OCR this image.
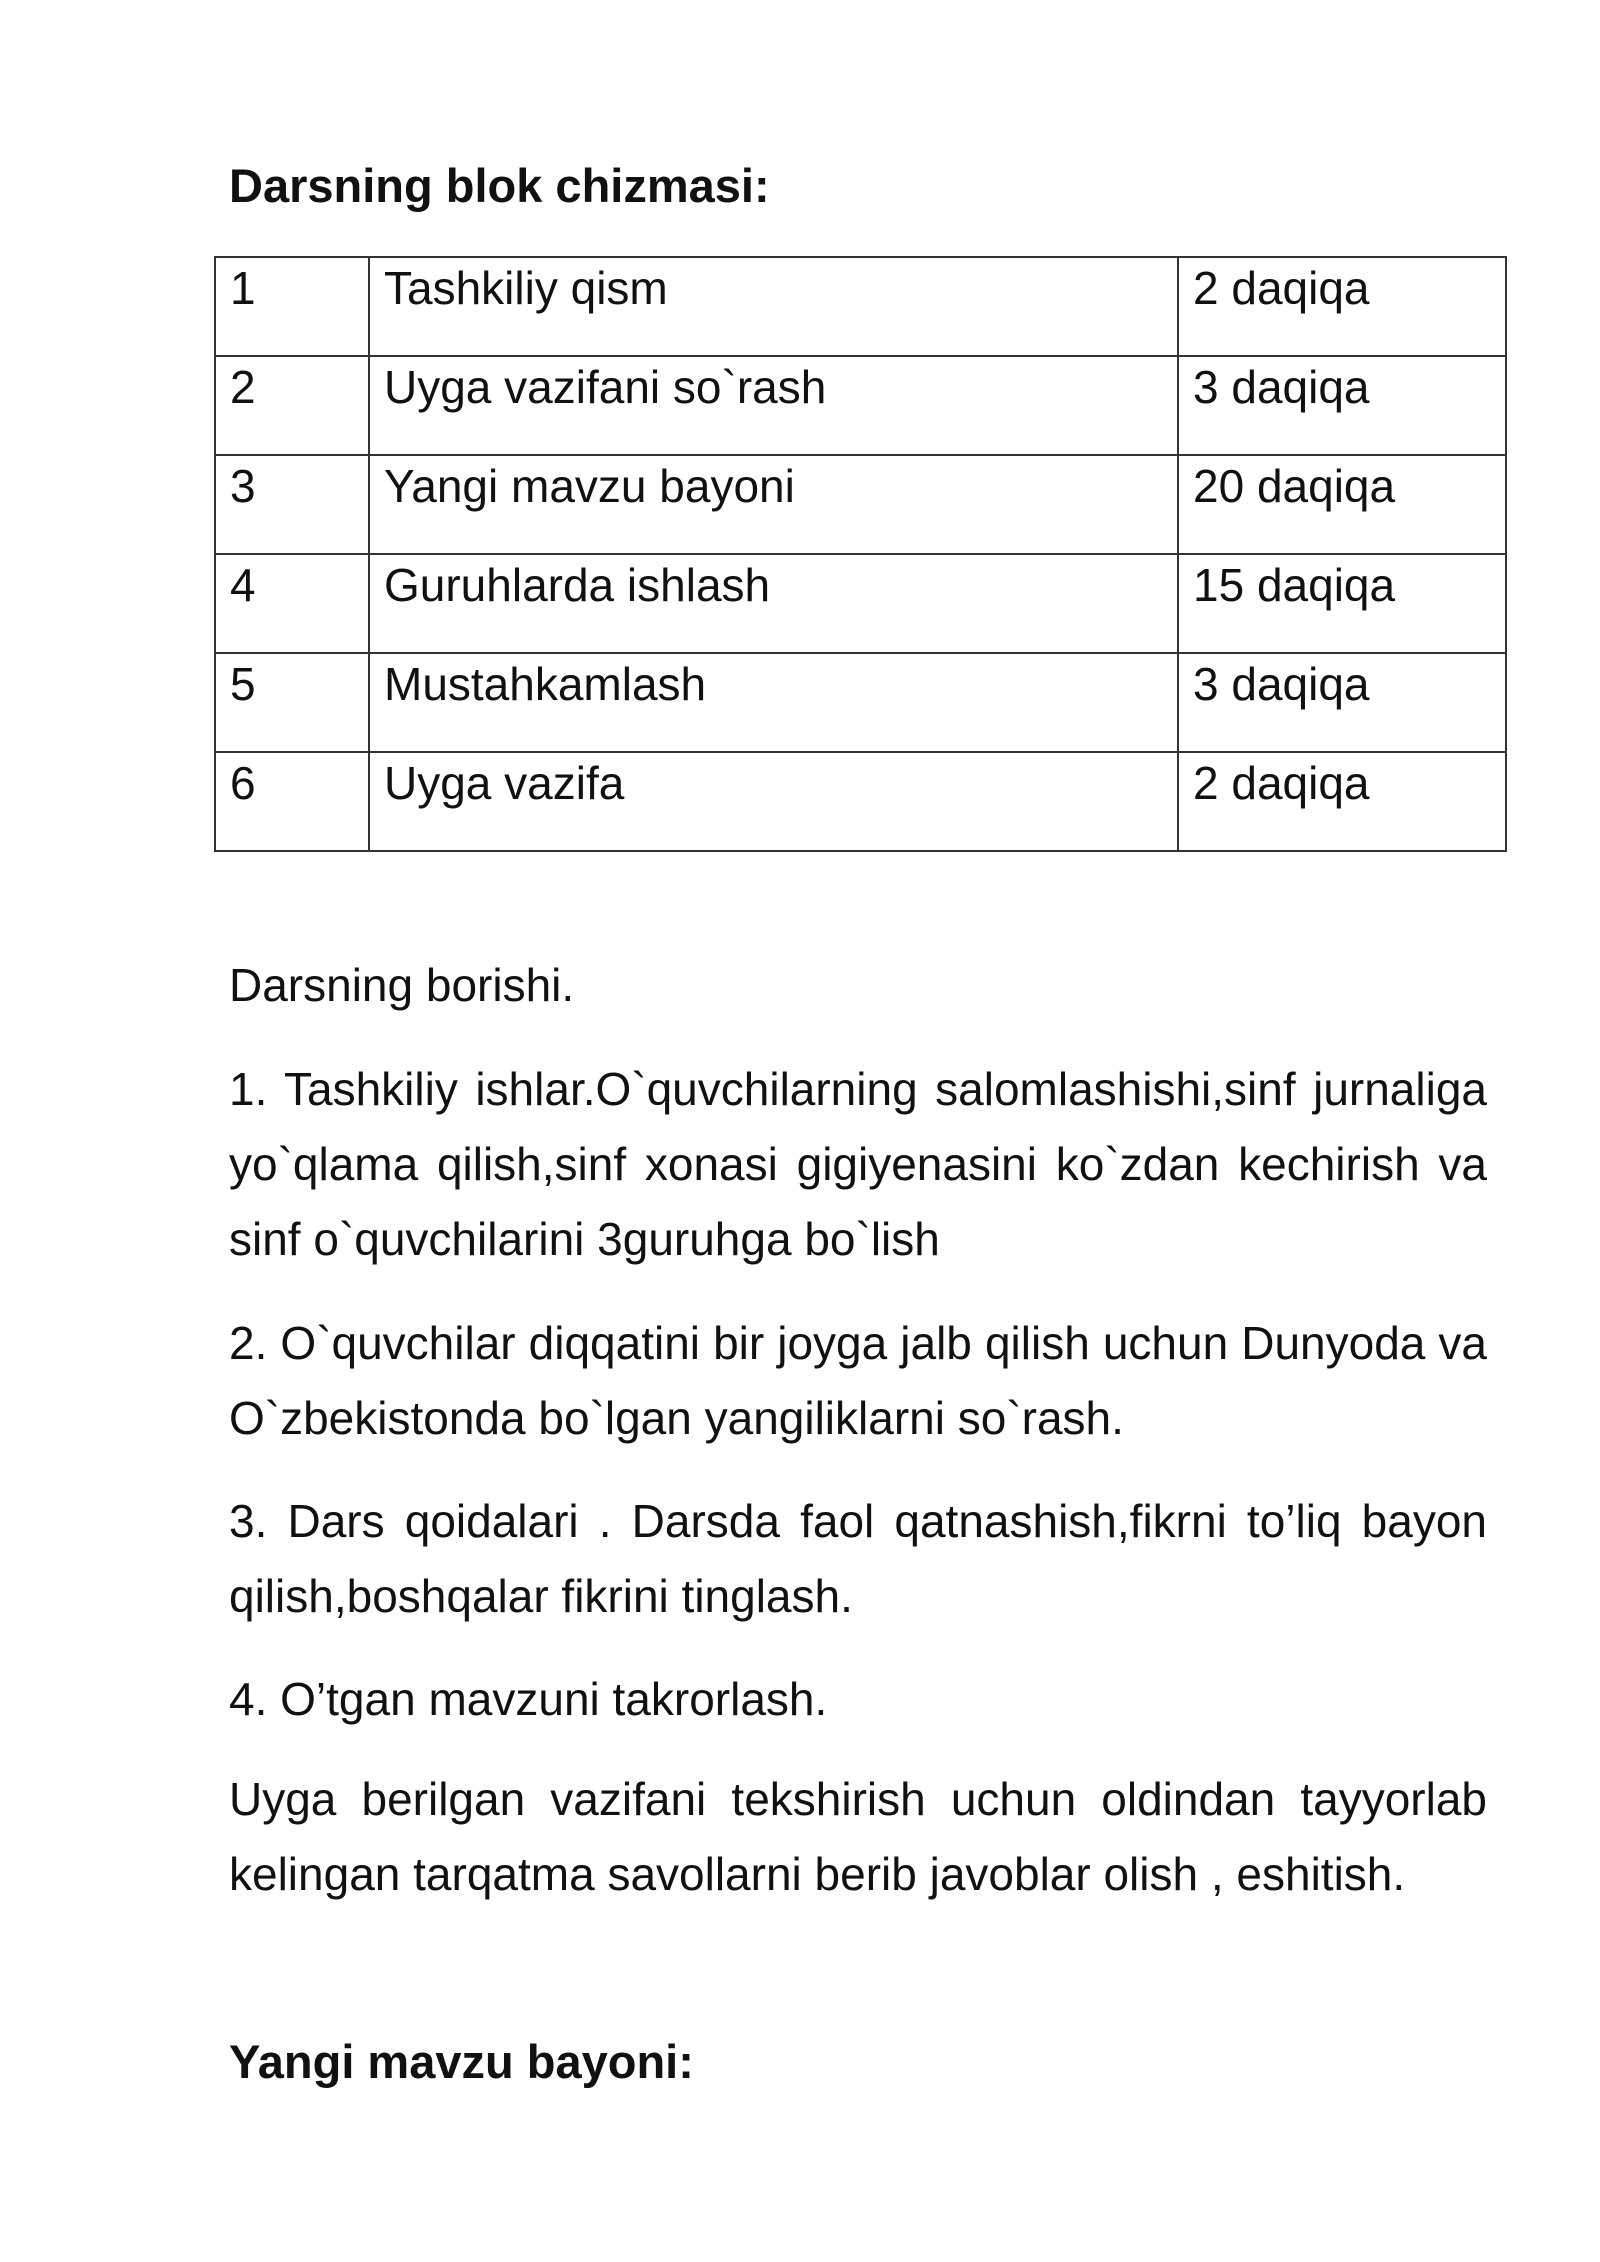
Darsning blok chizmasi:
1	Tashkiliy qism	2 daqiqa
2	Uyga vazifani so`rash	3 daqiqa
3	Yangi mavzu bayoni	20 daqiqa
4	Guruhlarda ishlash	15 daqiqa
5	Mustahkamlash	3 daqiqa
6	Uyga vazifa	2 daqiqa

Darsning borishi.

1. Tashkiliy ishlar.O`quvchilarning salomlashishi,sinf jurnaliga yo`qlama qilish,sinf xonasi gigiyenasini ko`zdan kechirish va sinf o`quvchilarini 3guruhga bo`lish

2. O`quvchilar diqqatini bir joyga jalb qilish uchun Dunyoda va O`zbekistonda bo`lgan yangiliklarni so`rash.

3. Dars qoidalari . Darsda faol qatnashish,fikrni to’liq bayon qilish,boshqalar fikrini tinglash.

4. O’tgan mavzuni takrorlash.

Uyga berilgan vazifani tekshirish uchun oldindan tayyorlab kelingan tarqatma savollarni berib javoblar olish , eshitish.

Yangi mavzu bayoni:
